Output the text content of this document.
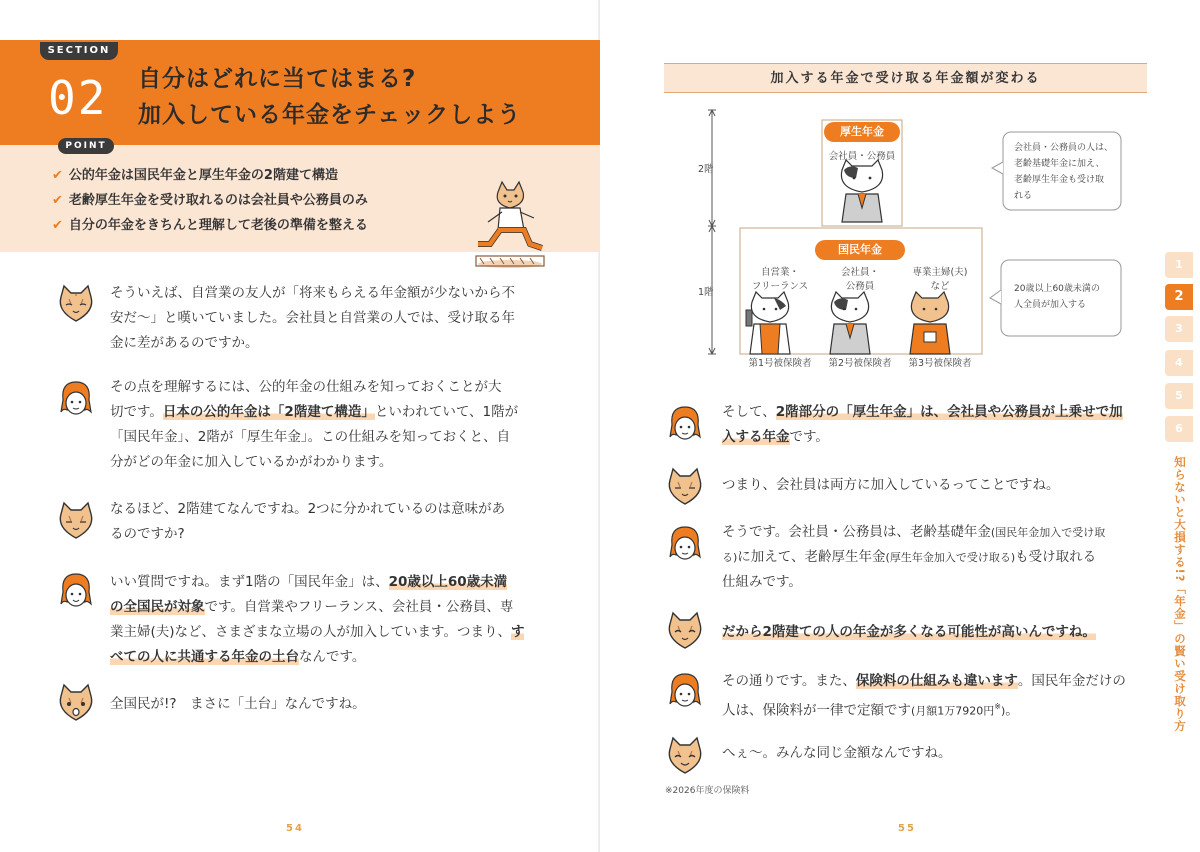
SECTION
02 自分はどれに当てはまる?
加入している年金をチェックしよう
POINT
✔ 公的年金は国民年金と厚生年金の2階建て構造
✔ 老齢厚生年金を受け取れるのは会社員や公務員のみ
✔ 自分の年金をきちんと理解して老後の準備を整える
そういえば、自営業の友人が「将来もらえる年金額が少ないから不
安だ〜」と嘆いていました。会社員と自営業の人では、受け取る年
金に差があるのですか。
その点を理解するには、公的年金の仕組みを知っておくことが大
切です。日本の公的年金は「2階建て構造」といわれていて、1階が
「国民年金」、2階が「厚生年金」。この仕組みを知っておくと、自
分がどの年金に加入しているかがわかります。
なるほど、2階建てなんですね。2つに分かれているのは意味があ
るのですか?
いい質問ですね。まず1階の「国民年金」は、20歳以上60歳未満
の全国民が対象です。自営業やフリーランス、会社員・公務員、専
業主婦(夫)など、さまざまな立場の人が加入しています。つまり、す
べての人に共通する年金の土台なんです。
全国民が!?　まさに「土台」なんですね。
54
加入する年金で受け取る年金額が変わる
2階
1階
厚生年金
会社員・公務員
国民年金
自営業・
フリーランス
会社員・
公務員
専業主婦(夫)
など
第1号被保険者	第2号被保険者	第3号被保険者
会社員・公務員の人は、
老齢基礎年金に加え、
老齢厚生年金も受け取
れる
20歳以上60歳未満の
人全員が加入する
そして、2階部分の「厚生年金」は、会社員や公務員が上乗せで加
入する年金です。
つまり、会社員は両方に加入しているってことですね。
そうです。会社員・公務員は、老齢基礎年金(国民年金加入で受け取
る)に加えて、老齢厚生年金(厚生年金加入で受け取る)も受け取れる
仕組みです。
だから2階建ての人の年金が多くなる可能性が高いんですね。
その通りです。また、保険料の仕組みも違います。国民年金だけの
人は、保険料が一律で定額です(月額1万7920円※)。
へぇ〜。みんな同じ金額なんですね。
※2026年度の保険料
55
1
2
3
4
5
6
知らないと大損する!?「年金」の賢い受け取り方
